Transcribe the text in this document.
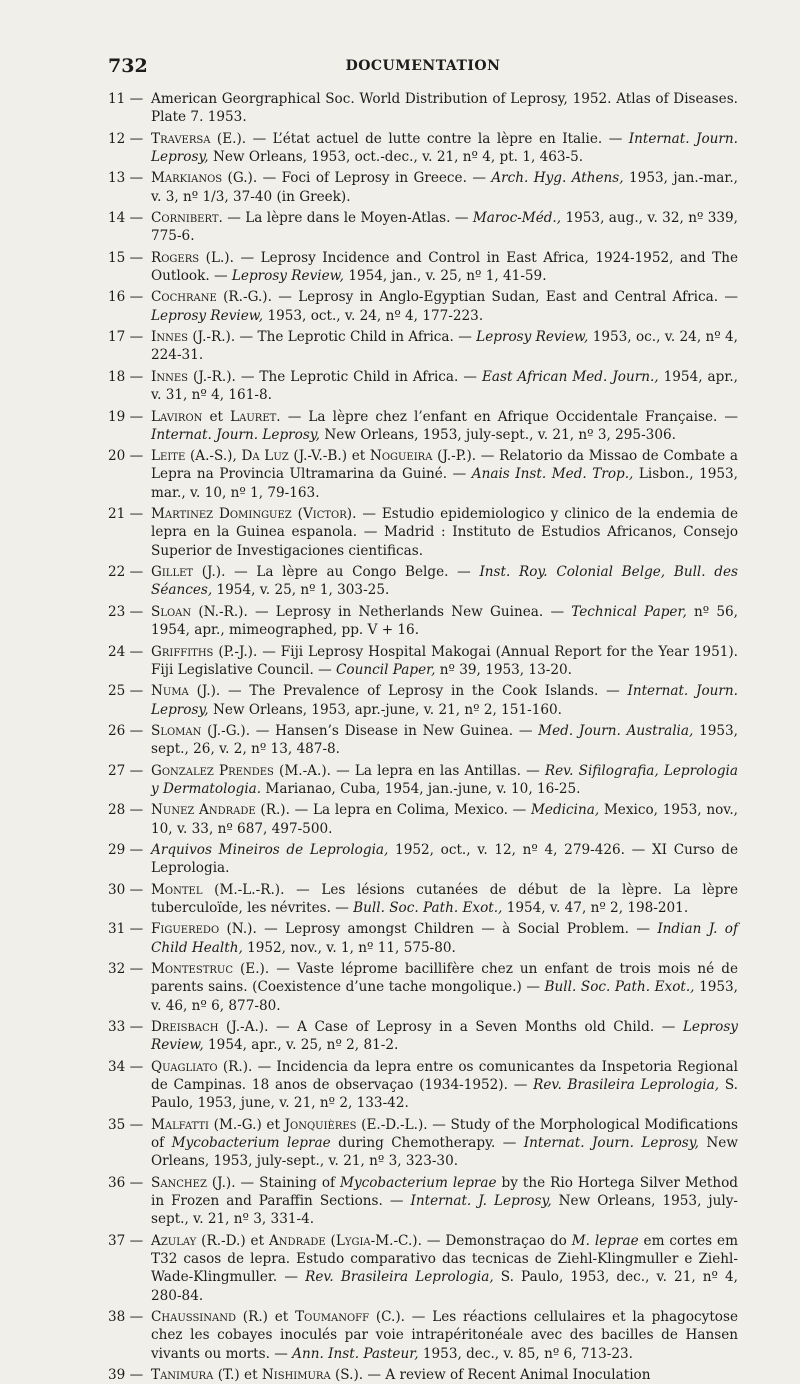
732	DOCUMENTATION
11 — American Georgraphical Soc. World Distribution of Leprosy, 1952. Atlas of Diseases. Plate 7. 1953.
12 — Traversa (E.). — L’état actuel de lutte contre la lèpre en Italie. — Internat. Journ. Leprosy, New Orleans, 1953, oct.-dec., v. 21, nº 4, pt. 1, 463-5.
13 — Markianos (G.). — Foci of Leprosy in Greece. — Arch. Hyg. Athens, 1953, jan.-mar., v. 3, nº 1/3, 37-40 (in Greek).
14 — Cornibert. — La lèpre dans le Moyen-Atlas. — Maroc-Méd., 1953, aug., v. 32, nº 339, 775-6.
15 — Rogers (L.). — Leprosy Incidence and Control in East Africa, 1924-1952, and The Outlook. — Leprosy Review, 1954, jan., v. 25, nº 1, 41-59.
16 — Cochrane (R.-G.). — Leprosy in Anglo-Egyptian Sudan, East and Central Africa. — Leprosy Review, 1953, oct., v. 24, nº 4, 177-223.
17 — Innes (J.-R.). — The Leprotic Child in Africa. — Leprosy Review, 1953, oc., v. 24, nº 4, 224-31.
18 — Innes (J.-R.). — The Leprotic Child in Africa. — East African Med. Journ., 1954, apr., v. 31, nº 4, 161-8.
19 — Laviron et Lauret. — La lèpre chez l’enfant en Afrique Occidentale Française. — Internat. Journ. Leprosy, New Orleans, 1953, july-sept., v. 21, nº 3, 295-306.
20 — Leite (A.-S.), Da Luz (J.-V.-B.) et Nogueira (J.-P.). — Relatorio da Missao de Combate a Lepra na Provincia Ultramarina da Guiné. — Anais Inst. Med. Trop., Lisbon., 1953, mar., v. 10, nº 1, 79-163.
21 — Martinez Dominguez (Victor). — Estudio epidemiologico y clinico de la endemia de lepra en la Guinea espanola. — Madrid : Instituto de Estudios Africanos, Consejo Superior de Investigaciones cientificas.
22 — Gillet (J.). — La lèpre au Congo Belge. — Inst. Roy. Colonial Belge, Bull. des Séances, 1954, v. 25, nº 1, 303-25.
23 — Sloan (N.-R.). — Leprosy in Netherlands New Guinea. — Technical Paper, nº 56, 1954, apr., mimeographed, pp. V + 16.
24 — Griffiths (P.-J.). — Fiji Leprosy Hospital Makogai (Annual Report for the Year 1951). Fiji Legislative Council. — Council Paper, nº 39, 1953, 13-20.
25 — Numa (J.). — The Prevalence of Leprosy in the Cook Islands. — Internat. Journ. Leprosy, New Orleans, 1953, apr.-june, v. 21, nº 2, 151-160.
26 — Sloman (J.-G.). — Hansen’s Disease in New Guinea. — Med. Journ. Australia, 1953, sept., 26, v. 2, nº 13, 487-8.
27 — Gonzalez Prendes (M.-A.). — La lepra en las Antillas. — Rev. Sifilografia, Leprologia y Dermatologia. Marianao, Cuba, 1954, jan.-june, v. 10, 16-25.
28 — Nunez Andrade (R.). — La lepra en Colima, Mexico. — Medicina, Mexico, 1953, nov., 10, v. 33, nº 687, 497-500.
29 — Arquivos Mineiros de Leprologia, 1952, oct., v. 12, nº 4, 279-426. — XI Curso de Leprologia.
30 — Montel (M.-L.-R.). — Les lésions cutanées de début de la lèpre. La lèpre tuberculoïde, les névrites. — Bull. Soc. Path. Exot., 1954, v. 47, nº 2, 198-201.
31 — Figueredo (N.). — Leprosy amongst Children — à Social Problem. — Indian J. of Child Health, 1952, nov., v. 1, nº 11, 575-80.
32 — Montestruc (E.). — Vaste lépromе bacillifère chez un enfant de trois mois né de parents sains. (Coexistence d’une tache mongolique.) — Bull. Soc. Path. Exot., 1953, v. 46, nº 6, 877-80.
33 — Dreisbach (J.-A.). — A Case of Leprosy in a Seven Months old Child. — Leprosy Review, 1954, apr., v. 25, nº 2, 81-2.
34 — Quagliato (R.). — Incidencia da lepra entre os comunicantes da Inspetoria Regional de Campinas. 18 anos de observaçao (1934-1952). — Rev. Brasileira Leprologia, S. Paulo, 1953, june, v. 21, nº 2, 133-42.
35 — Malfatti (M.-G.) et Jonquières (E.-D.-L.). — Study of the Morphological Modifications of Mycobacterium leprae during Chemotherapy. — Internat. Journ. Leprosy, New Orleans, 1953, july-sept., v. 21, nº 3, 323-30.
36 — Sanchez (J.). — Staining of Mycobacterium leprae by the Rio Hortega Silver Method in Frozen and Paraffin Sections. — Internat. J. Leprosy, New Orleans, 1953, july-sept., v. 21, nº 3, 331-4.
37 — Azulay (R.-D.) et Andrade (Lygia-M.-C.). — Demonstraçao do M. leprae em cortes em T32 casos de lepra. Estudo comparativo das tecnicas de Ziehl-Klingmuller e Ziehl-Wade-Klingmuller. — Rev. Brasileira Leprologia, S. Paulo, 1953, dec., v. 21, nº 4, 280-84.
38 — Chaussinand (R.) et Toumanoff (C.). — Les réactions cellulaires et la phagocytose chez les cobayes inoculés par voie intrapéritonéale avec des bacilles de Hansen vivants ou morts. — Ann. Inst. Pasteur, 1953, dec., v. 85, nº 6, 713-23.
39 — Tanimura (T.) et Nishimura (S.). — A review of Recent Animal Inoculation
